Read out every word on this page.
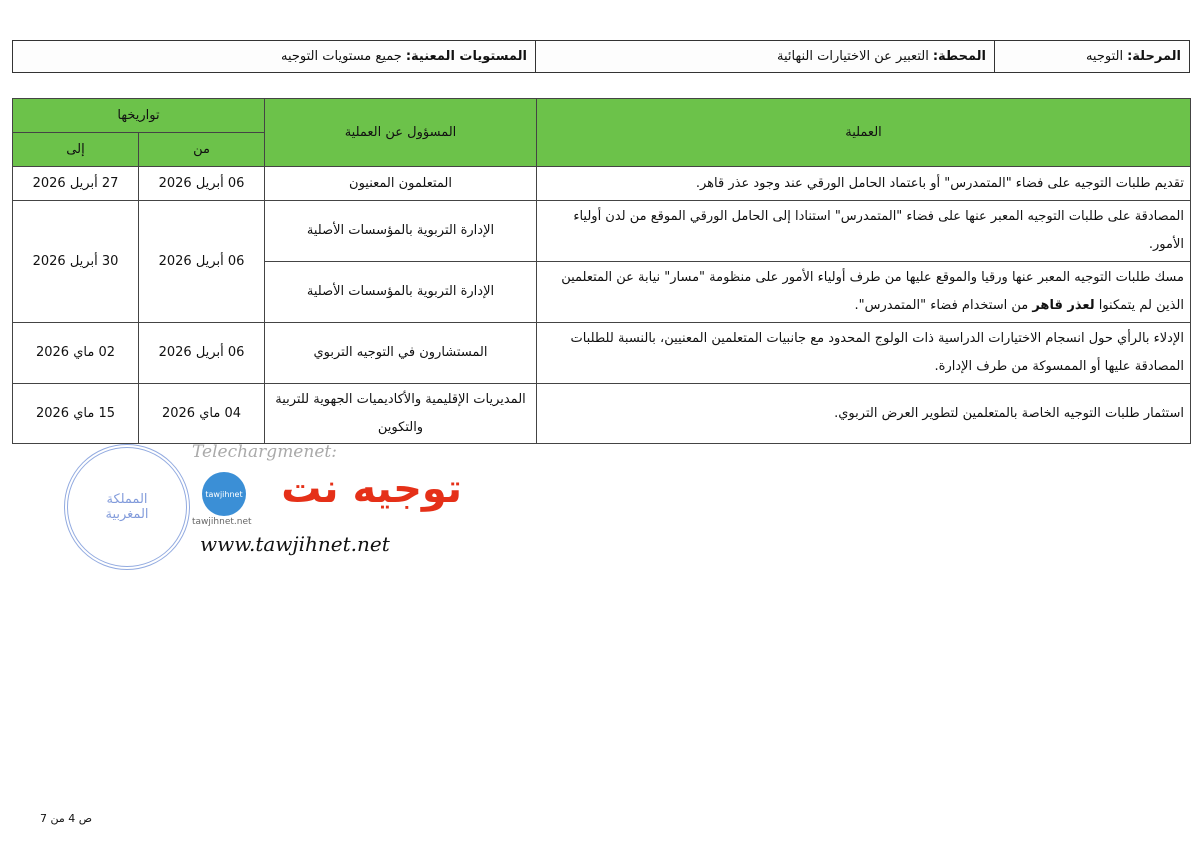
المرحلة:
التوجيه
المحطة:
التعبير عن الاختيارات النهائية
المستويات المعنية:
جميع مستويات التوجيه
العملية	المسؤول عن العملية	تواريخها	
		من	إلى
تقديم طلبات التوجيه على فضاء "المتمدرس" أو باعتماد الحامل الورقي عند وجود عذر قاهر.	المتعلمون المعنيون	06 أبريل 2026	27 أبريل 2026
المصادقة على طلبات التوجيه المعبر عنها على فضاء "المتمدرس" استنادا إلى الحامل الورقي الموقع من لدن أولياء الأمور.	الإدارة التربوية بالمؤسسات الأصلية	06 أبريل 2026	30 أبريل 2026
مسك طلبات التوجيه المعبر عنها ورقيا والموقع عليها من طرف أولياء الأمور على منظومة "مسار" نيابة عن المتعلمين الذين لم يتمكنوا لعذر قاهر من استخدام فضاء "المتمدرس".	الإدارة التربوية بالمؤسسات الأصلية		
الإدلاء بالرأي حول انسجام الاختيارات الدراسية ذات الولوج المحدود مع جانبيات المتعلمين المعنيين، بالنسبة للطلبات المصادقة عليها أو الممسوكة من طرف الإدارة.	المستشارون في التوجيه التربوي	06 أبريل 2026	02 ماي 2026
استثمار طلبات التوجيه الخاصة بالمتعلمين لتطوير العرض التربوي.	المديريات الإقليمية والأكاديميات الجهوية للتربية والتكوين	04 ماي 2026	15 ماي 2026
المملكة المغربية
Telechargmenet:
tawjihnet توجيه نت
tawjihnet.net
www.tawjihnet.net
ص 4 من 7
